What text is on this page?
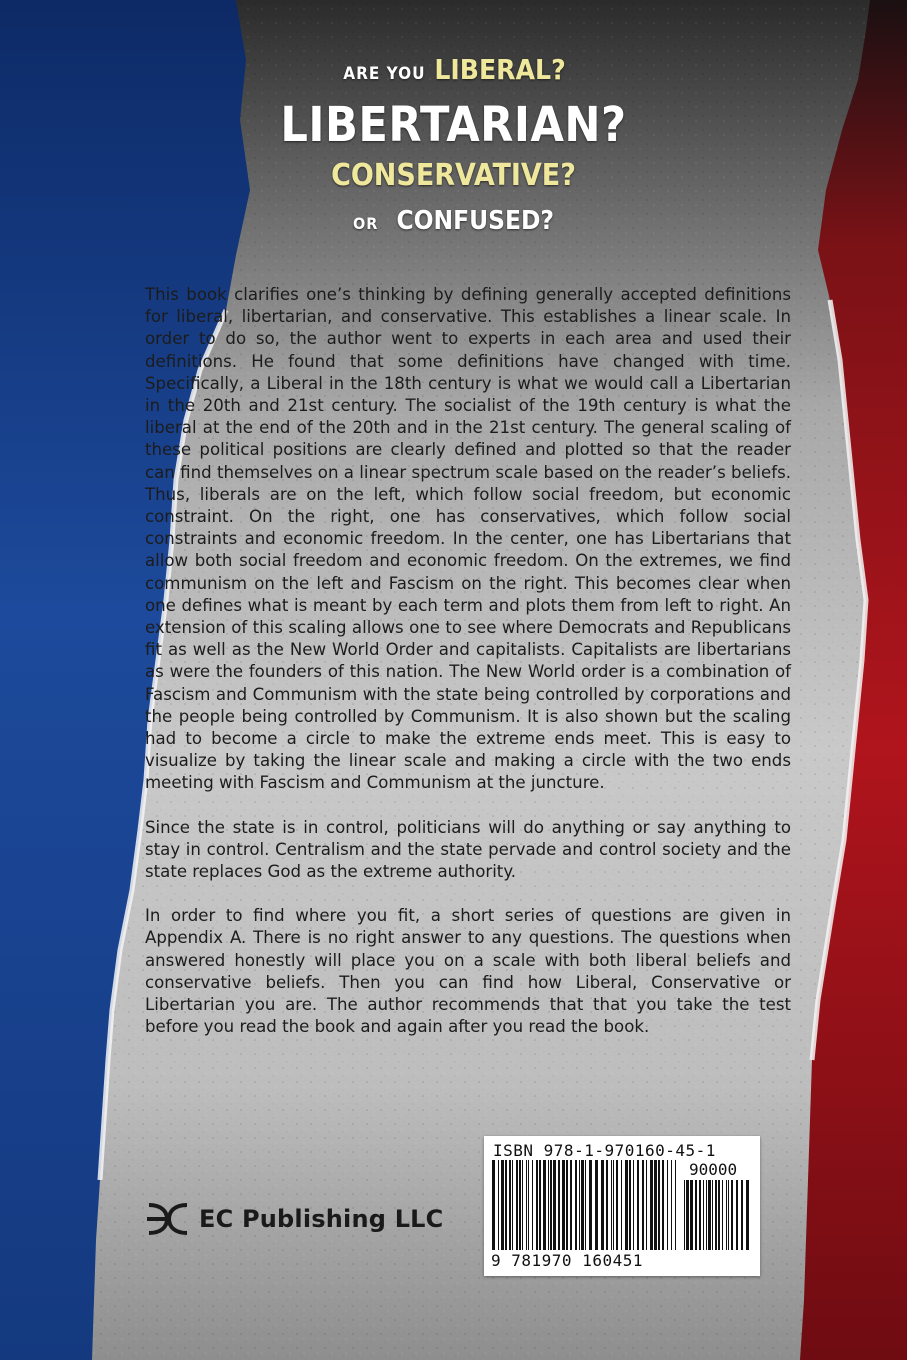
ARE YOU LIBERAL?
LIBERTARIAN?
CONSERVATIVE?
OR CONFUSED?

This book clarifies one’s thinking by defining generally accepted definitions for liberal, libertarian, and conservative. This establishes a linear scale. In order to do so, the author went to experts in each area and used their definitions. He found that some definitions have changed with time. Specifically, a Liberal in the 18th century is what we would call a Libertarian in the 20th and 21st century. The socialist of the 19th century is what the liberal at the end of the 20th and in the 21st century. The general scaling of these political positions are clearly defined and plotted so that the reader can find themselves on a linear spectrum scale based on the reader’s beliefs. Thus, liberals are on the left, which follow social freedom, but economic constraint. On the right, one has conservatives, which follow social constraints and economic freedom. In the center, one has Libertarians that allow both social freedom and economic freedom. On the extremes, we find communism on the left and Fascism on the right. This becomes clear when one defines what is meant by each term and plots them from left to right. An extension of this scaling allows one to see where Democrats and Republicans fit as well as the New World Order and capitalists. Capitalists are libertarians as were the founders of this nation. The New World order is a combination of Fascism and Communism with the state being controlled by corporations and the people being controlled by Communism. It is also shown but the scaling had to become a circle to make the extreme ends meet. This is easy to visualize by taking the linear scale and making a circle with the two ends meeting with Fascism and Communism at the juncture.

Since the state is in control, politicians will do anything or say anything to stay in control. Centralism and the state pervade and control society and the state replaces God as the extreme authority.

In order to find where you fit, a short series of questions are given in Appendix A. There is no right answer to any questions. The questions when answered honestly will place you on a scale with both liberal beliefs and conservative beliefs. Then you can find how Liberal, Conservative or Libertarian you are. The author recommends that that you take the test before you read the book and again after you read the book.

EC Publishing LLC
ISBN 978-1-970160-45-1
90000
9 781970 160451
